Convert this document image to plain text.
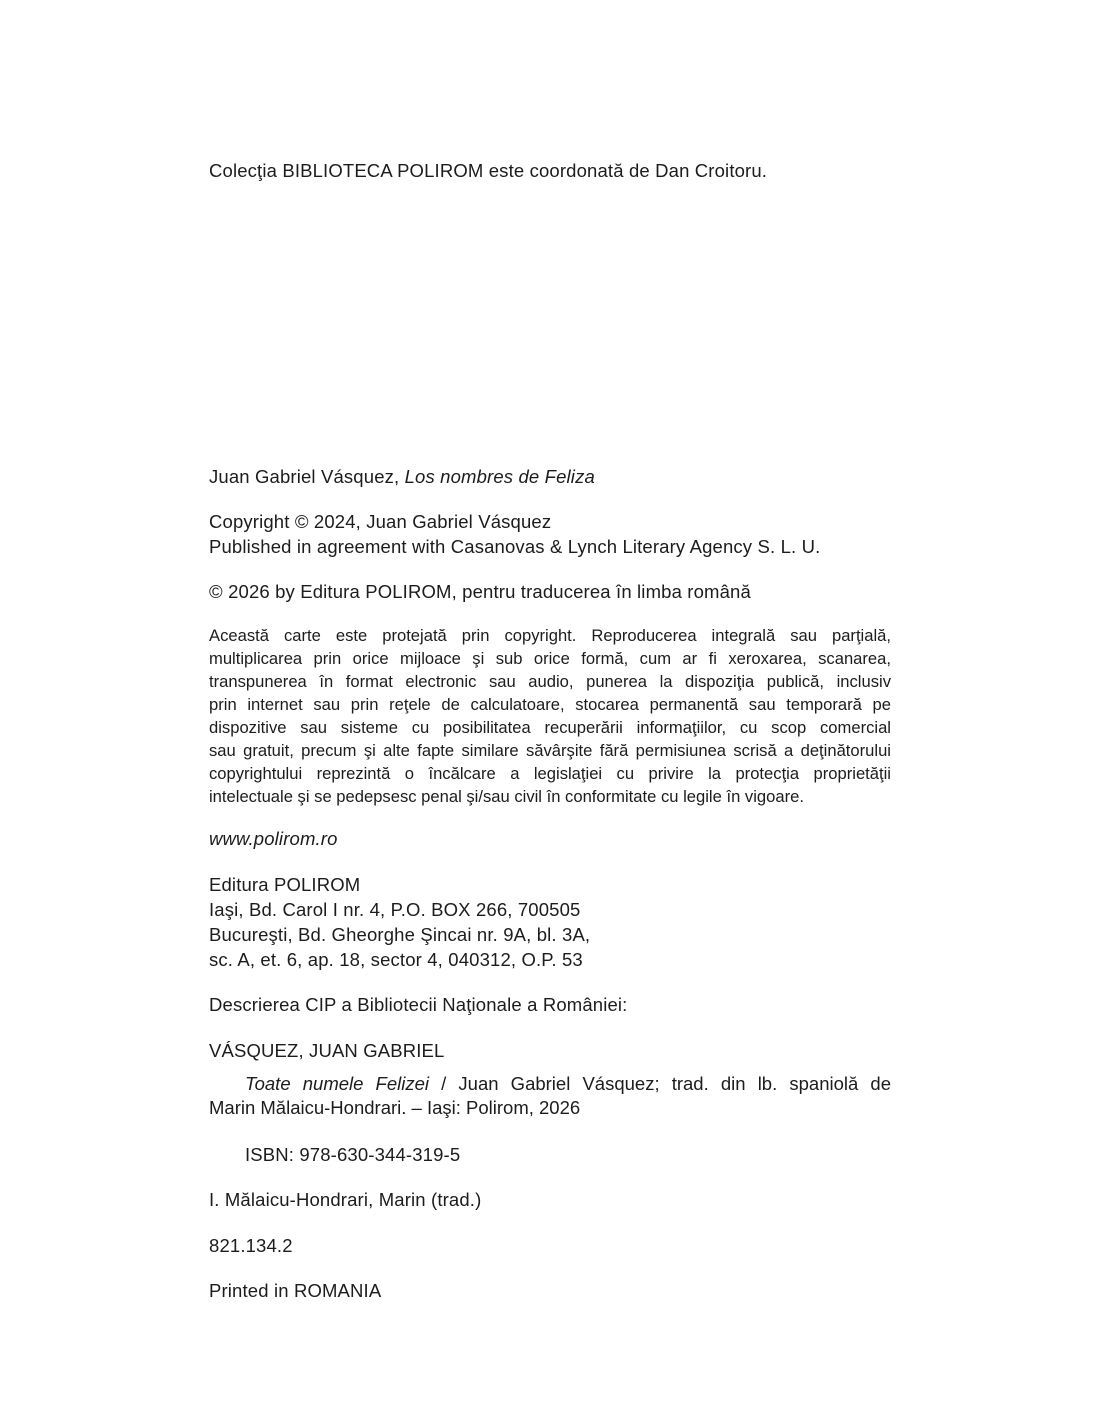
Colecţia BIBLIOTECA POLIROM este coordonată de Dan Croitoru.
Juan Gabriel Vásquez, Los nombres de Feliza
Copyright © 2024, Juan Gabriel Vásquez
Published in agreement with Casanovas & Lynch Literary Agency S. L. U.
© 2026 by Editura POLIROM, pentru traducerea în limba română
Această carte este protejată prin copyright. Reproducerea integrală sau parţială,
multiplicarea prin orice mijloace şi sub orice formă, cum ar fi xeroxarea, scanarea,
transpunerea în format electronic sau audio, punerea la dispoziţia publică, inclusiv
prin internet sau prin reţele de calculatoare, stocarea permanentă sau temporară pe
dispozitive sau sisteme cu posibilitatea recuperării informaţiilor, cu scop comercial
sau gratuit, precum şi alte fapte similare săvârşite fără permisiunea scrisă a deţinătorului
copyrightului reprezintă o încălcare a legislaţiei cu privire la protecţia proprietăţii
intelectuale şi se pedepsesc penal şi/sau civil în conformitate cu legile în vigoare.
www.polirom.ro
Editura POLIROM
Iaşi, Bd. Carol I nr. 4, P.O. BOX 266, 700505
Bucureşti, Bd. Gheorghe Şincai nr. 9A, bl. 3A,
sc. A, et. 6, ap. 18, sector 4, 040312, O.P. 53
Descrierea CIP a Bibliotecii Naţionale a României:
VÁSQUEZ, JUAN GABRIEL
Toate numele Felizei / Juan Gabriel Vásquez; trad. din lb. spaniolă de
Marin Mălaicu-Hondrari. – Iaşi: Polirom, 2026
ISBN: 978-630-344-319-5
I. Mălaicu-Hondrari, Marin (trad.)
821.134.2
Printed in ROMANIA
